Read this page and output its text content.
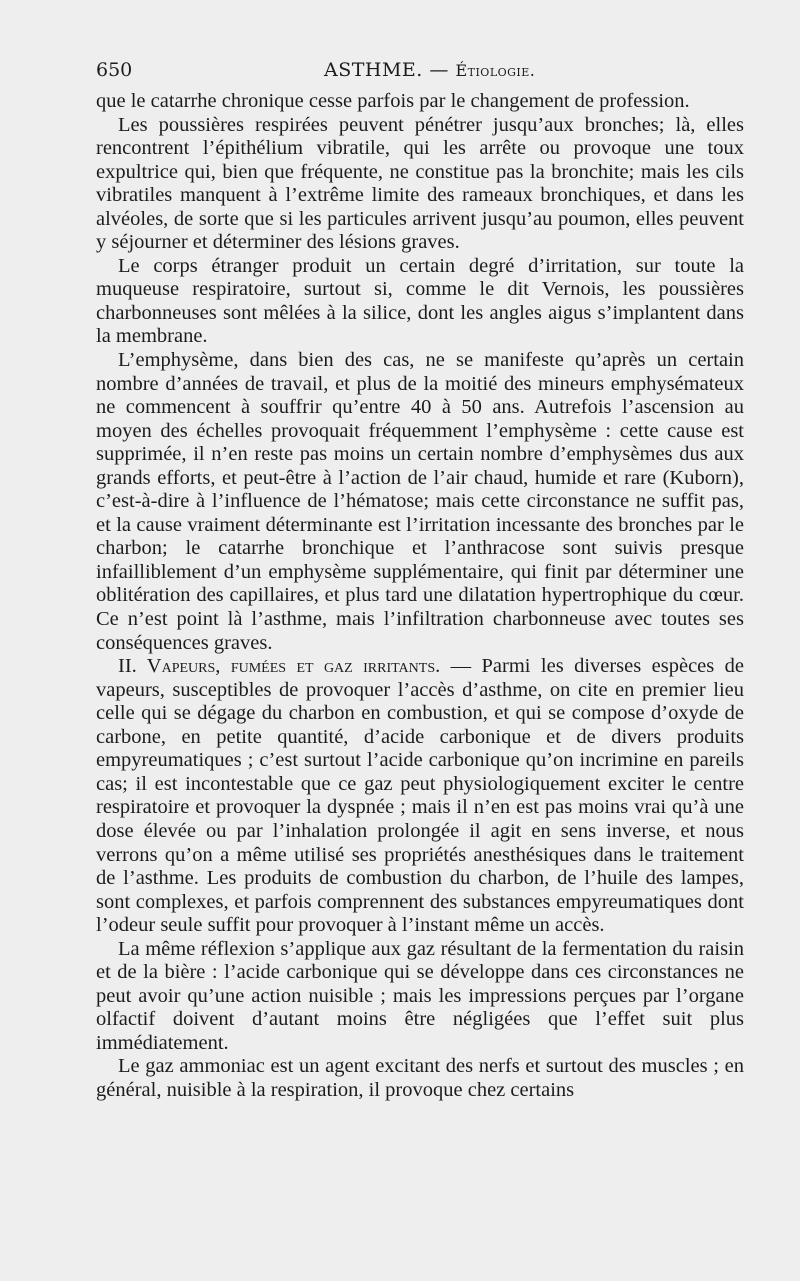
650	ASTHME. — Étiologie.

que le catarrhe chronique cesse parfois par le changement de profession.

Les poussières respirées peuvent pénétrer jusqu’aux bronches; là, elles rencontrent l’épithélium vibratile, qui les arrête ou provoque une toux expultrice qui, bien que fréquente, ne constitue pas la bronchite; mais les cils vibratiles manquent à l’extrême limite des rameaux bronchiques, et dans les alvéoles, de sorte que si les particules arrivent jusqu’au poumon, elles peuvent y séjourner et déterminer des lésions graves.

Le corps étranger produit un certain degré d’irritation, sur toute la muqueuse respiratoire, surtout si, comme le dit Vernois, les poussières charbonneuses sont mêlées à la silice, dont les angles aigus s’implantent dans la membrane.

L’emphysème, dans bien des cas, ne se manifeste qu’après un certain nombre d’années de travail, et plus de la moitié des mineurs emphysémateux ne commencent à souffrir qu’entre 40 à 50 ans. Autrefois l’ascension au moyen des échelles provoquait fréquemment l’emphysème : cette cause est supprimée, il n’en reste pas moins un certain nombre d’emphysèmes dus aux grands efforts, et peut-être à l’action de l’air chaud, humide et rare (Kuborn), c’est-à-dire à l’influence de l’hématose; mais cette circonstance ne suffit pas, et la cause vraiment déterminante est l’irritation incessante des bronches par le charbon; le catarrhe bronchique et l’anthracose sont suivis presque infailliblement d’un emphysème supplémentaire, qui finit par déterminer une oblitération des capillaires, et plus tard une dilatation hypertrophique du cœur. Ce n’est point là l’asthme, mais l’infiltration charbonneuse avec toutes ses conséquences graves.

II. Vapeurs, fumées et gaz irritants. — Parmi les diverses espèces de vapeurs, susceptibles de provoquer l’accès d’asthme, on cite en premier lieu celle qui se dégage du charbon en combustion, et qui se compose d’oxyde de carbone, en petite quantité, d’acide carbonique et de divers produits empyreumatiques ; c’est surtout l’acide carbonique qu’on incrimine en pareils cas; il est incontestable que ce gaz peut physiologiquement exciter le centre respiratoire et provoquer la dyspnée ; mais il n’en est pas moins vrai qu’à une dose élevée ou par l’inhalation prolongée il agit en sens inverse, et nous verrons qu’on a même utilisé ses propriétés anesthésiques dans le traitement de l’asthme. Les produits de combustion du charbon, de l’huile des lampes, sont complexes, et parfois comprennent des substances empyreumatiques dont l’odeur seule suffit pour provoquer à l’instant même un accès.

La même réflexion s’applique aux gaz résultant de la fermentation du raisin et de la bière : l’acide carbonique qui se développe dans ces circonstances ne peut avoir qu’une action nuisible ; mais les impressions perçues par l’organe olfactif doivent d’autant moins être négligées que l’effet suit plus immédiatement.

Le gaz ammoniac est un agent excitant des nerfs et surtout des muscles ; en général, nuisible à la respiration, il provoque chez certains
